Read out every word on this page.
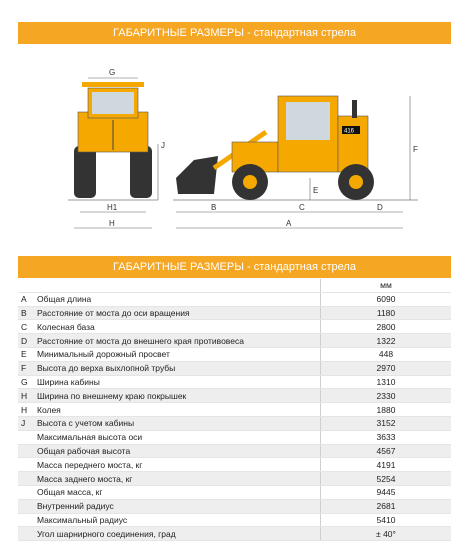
ГАБАРИТНЫЕ РАЗМЕРЫ - стандартная стрела
416
G
J
H1
H
B	C	D
A
E
F
ГАБАРИТНЫЕ РАЗМЕРЫ - стандартная стрела
		мм
A	Общая длина	6090
B	Расстояние от моста до оси вращения	1180
C	Колесная база	2800
D	Расстояние от моста до внешнего края противовеса	1322
E	Минимальный дорожный просвет	448
F	Высота до верха выхлопной трубы	2970
G	Ширина кабины	1310
H	Ширина по внешнему краю покрышек	2330
H	Колея	1880
J	Высота с учетом кабины	3152
	Максимальная высота оси	3633
	Общая рабочая высота	4567
	Масса переднего моста, кг	4191
	Масса заднего моста, кг	5254
	Общая масса, кг	9445
	Внутренний радиус	2681
	Максимальный радиус	5410
	Угол шарнирного соединения, град	± 40°
